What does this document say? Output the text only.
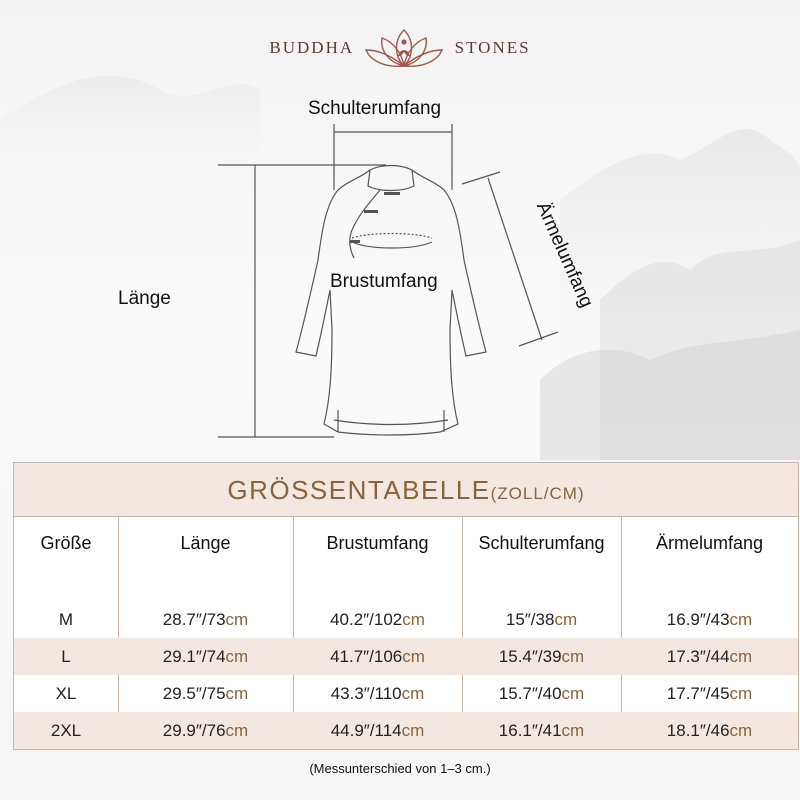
BUDDHA	STONES
Schulterumfang
Länge
Brustumfang	Ärmelumfang
GRÖSSENTABELLE(ZOLL/CM)
Größe	Länge	Brustumfang	Schulterumfang	Ärmelumfang
M	28.7″/73cm	40.2″/102cm	15″/38cm	16.9″/43cm
L	29.1″/74cm	41.7″/106cm	15.4″/39cm	17.3″/44cm
XL	29.5″/75cm	43.3″/110cm	15.7″/40cm	17.7″/45cm
2XL	29.9″/76cm	44.9″/114cm	16.1″/41cm	18.1″/46cm
(Messunterschied von 1–3 cm.)
